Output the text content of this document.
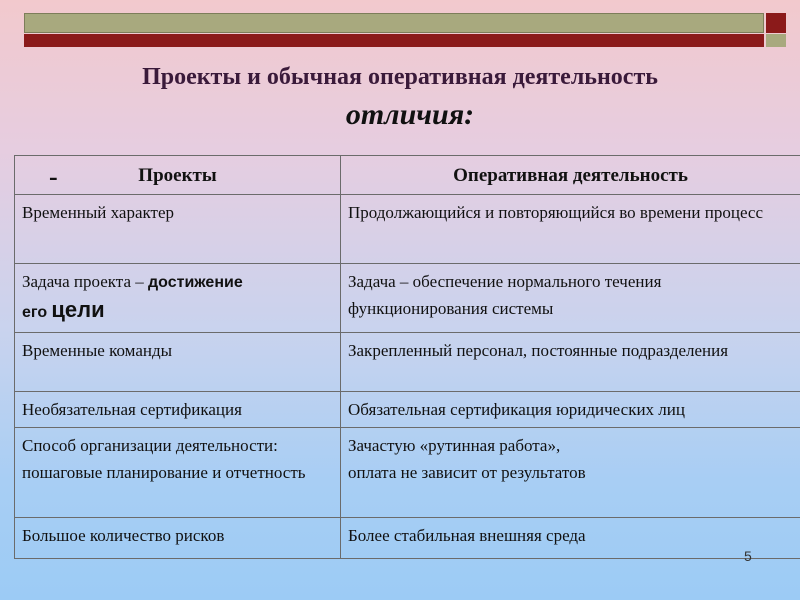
Проекты и обычная оперативная деятельность
отличия:
- Проекты	Оперативная деятельность
Временный характер	Продолжающийся и повторяющийся во времени процесс
Задача проекта – достижение
его цели	Задача – обеспечение нормального течения функционирования системы
Временные команды	Закрепленный персонал, постоянные подразделения
Необязательная сертификация	Обязательная сертификация юридических лиц
Способ организации деятельности: пошаговые планирование и отчетность	Зачастую «рутинная работа»,
оплата не зависит от результатов
Большое количество рисков	Более стабильная внешняя среда
5
